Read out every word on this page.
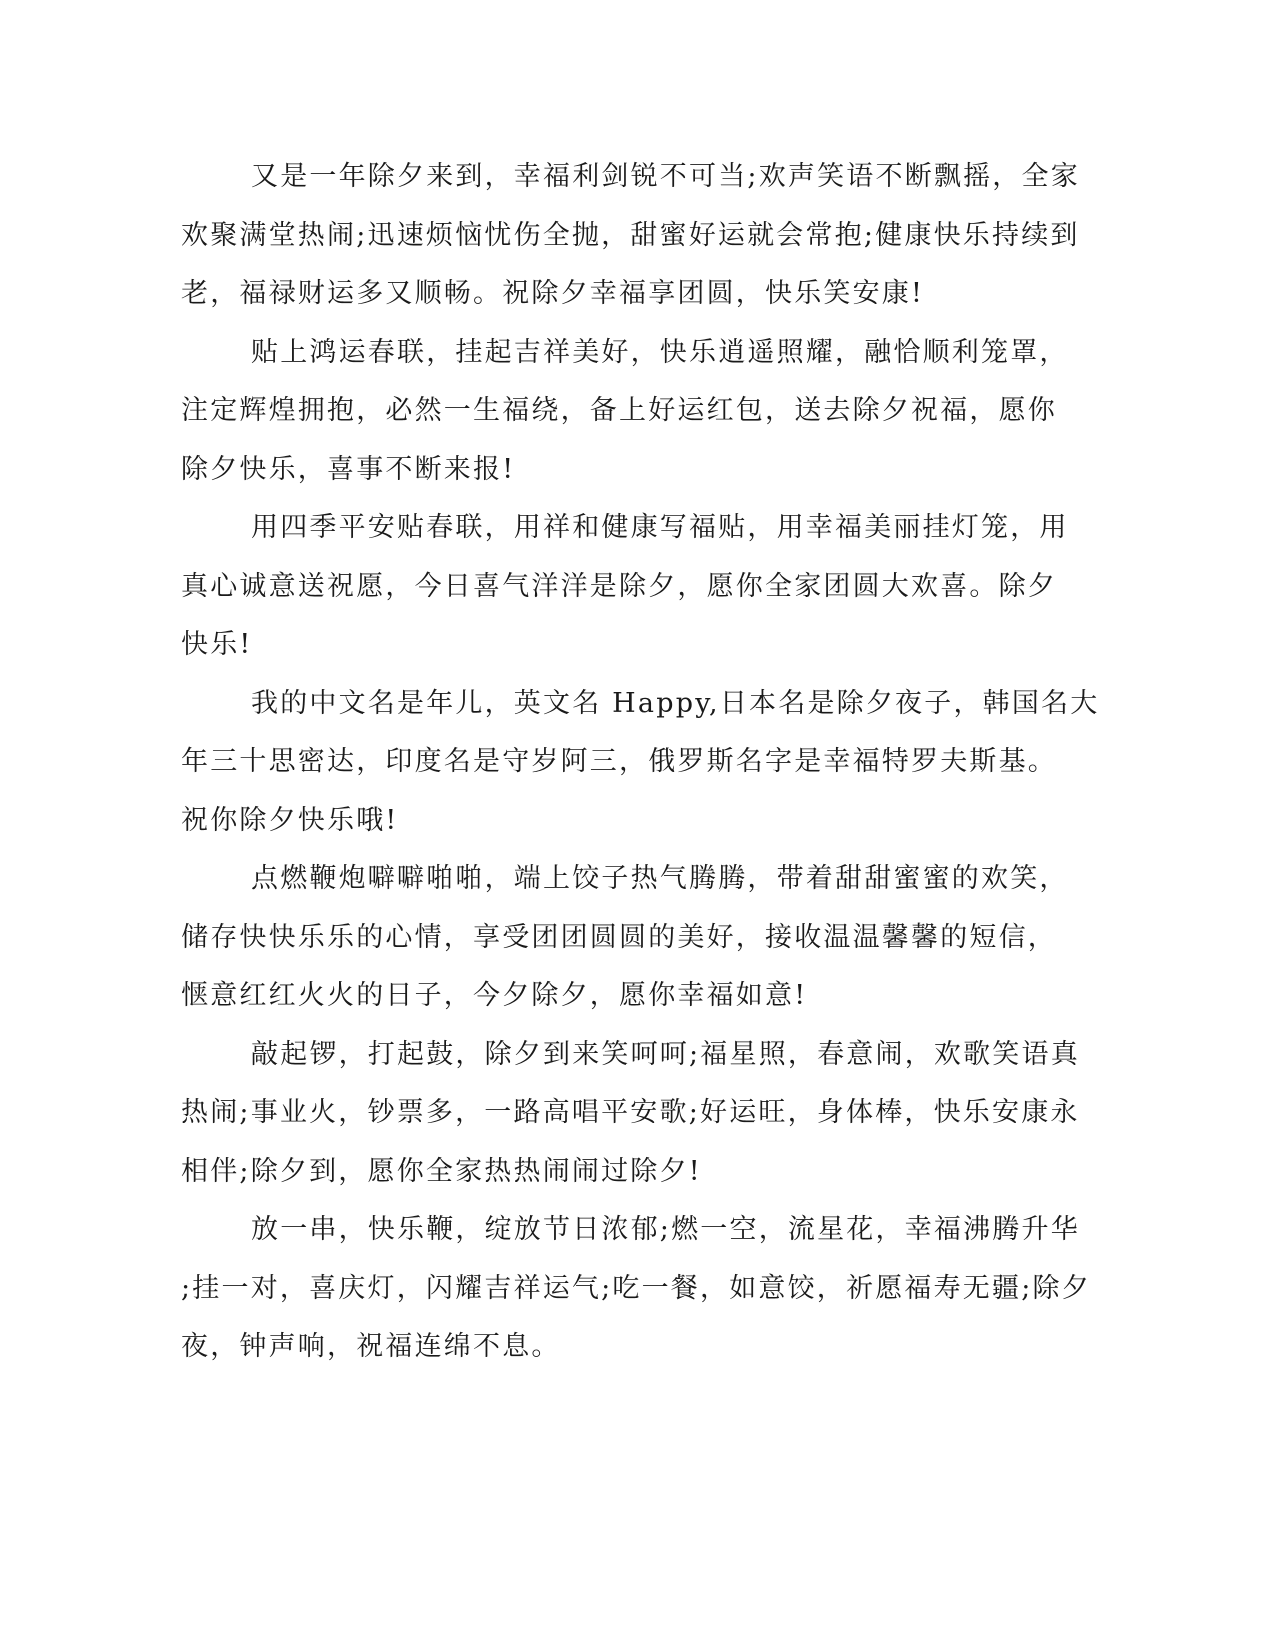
又是一年除夕来到，幸福利剑锐不可当;欢声笑语不断飘摇，全家
欢聚满堂热闹;迅速烦恼忧伤全抛，甜蜜好运就会常抱;健康快乐持续到
老，福禄财运多又顺畅。祝除夕幸福享团圆，快乐笑安康!

贴上鸿运春联，挂起吉祥美好，快乐逍遥照耀，融恰顺利笼罩，
注定辉煌拥抱，必然一生福绕，备上好运红包，送去除夕祝福，愿你
除夕快乐，喜事不断来报!

用四季平安贴春联，用祥和健康写福贴，用幸福美丽挂灯笼，用
真心诚意送祝愿，今日喜气洋洋是除夕，愿你全家团圆大欢喜。除夕
快乐!

我的中文名是年儿，英文名 Happy,日本名是除夕夜子，韩国名大
年三十思密达，印度名是守岁阿三，俄罗斯名字是幸福特罗夫斯基。
祝你除夕快乐哦!

点燃鞭炮噼噼啪啪，端上饺子热气腾腾，带着甜甜蜜蜜的欢笑，
储存快快乐乐的心情，享受团团圆圆的美好，接收温温馨馨的短信，
惬意红红火火的日子，今夕除夕，愿你幸福如意!

敲起锣，打起鼓，除夕到来笑呵呵;福星照，春意闹，欢歌笑语真
热闹;事业火，钞票多，一路高唱平安歌;好运旺，身体棒，快乐安康永
相伴;除夕到，愿你全家热热闹闹过除夕!

放一串，快乐鞭，绽放节日浓郁;燃一空，流星花，幸福沸腾升华
;挂一对，喜庆灯，闪耀吉祥运气;吃一餐，如意饺，祈愿福寿无疆;除夕
夜，钟声响，祝福连绵不息。
